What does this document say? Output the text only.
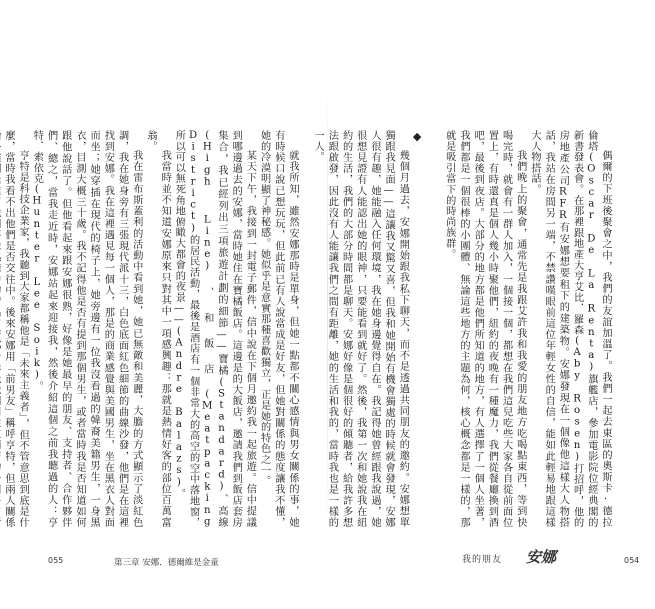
就我所知，雖然安娜那時是單身，但她一點都不關心感情與男女關係的事，她有時候口說已想玩玩，但此前已有人說當成是好友，但她對關係的態度讓我不懂，她的冷漠明顯了神秘感。她似乎是意實那種喜歡獨立，正是她的特色之一。

某天下午，我接到一封電子郵件，信中說在下個月邀約我一起旅遊。信中提議到哪邊過去的安娜，當時她住在寶橘飯店。這邊是的大飯店，邀請我們到飯店套房集合，我已經列出三項旅遊計劃的細節——寶橘(Standard)、高線(High Line)、和飯店(Meatpacking District)的居民活動，最後是酒店有一個非常大的高空的空中落地窗，所以可以無死角地俯瞰大都會的夜景——(Andre Balazs)。

我當時並不知道安娜原來只對其中一項感興趣：那就是熱情好客的部位百萬富翁。

我在雷布斯蓋利的活動中看到她，她已無敵和美麗，大膽的方式顯示了淡紅色調，我在她身旁有三張現代派十三，白色底面紅色細節的曲線沙發，他們是在這裡找到安娜。我在這裡遇見每一個人，那是的商業感覺與美國男生，坐在黑衣人對面而坐；她穿插在現代的椅子上，她旁邊有一位我沒看過的韓裔美籍男生，一身黑衣，目測大概三十歲。我不記得他是否有提到那個男生，或者當時我是否知道如何跟他說話了。但他看起來跟安娜很熟，好像是她最早的朋友、支持者、合作夥伴們、總之，當我走近時，安娜站起來迎接我，然後介紹這個之前我聽過的人：亨特．索依克(Hunter Lee Soik)。

亨特是科技企業家，我聽到大家都稱他是「未來主義者」，但不管意思到底是什麼，當時我看不出他們是否交往中。後來安娜用「前男友」稱呼亨特，但兩人關係

055	第三章 安娜．德爾維是金童

偶爾的下班後聚會之中，我們的友誼加溫了。我們一起去東區的奧斯卡·德拉倫塔(Oscar De La Renta)旗艦店，參加電影院位經典閣的新書發表會。在那裡跟地產大亨艾比．羅森(Aby Rosen)打招呼，他的房地產公司RFR有安娜想要租下的建築物。安娜發現在一個像他這樣大人物搭話，我站在房間另一端，不禁讚嘆眼前這位年輕女性的自信，能如此輕易地跟這樣大人物搭話。

我們晚上的聚會，通常先是我跟艾許我和我愛的朋友地方吃喝點東西，等到快喝完時，就會有一群人加入，一個接一個，都想在我們這兒吃些大家各自從前面位置上，有時還真是個人幾小時聚他們，紐約的夜晚有一種魔力，我們從餐廳換到酒吧，最後到夜店。大部分的地方都是他們所知道的地方，有人選擇了一個人坐著，我們都是一個很棒的小團體、無論這些地方的主題為何，核心概念都是一樣的，那就是吸引當下的時尚族群。

◆

幾個月過去，安娜開始跟我私下聊天，而不是透過共同朋友的邀約。安娜想單獨跟我見面——這讓我又驚又喜，但我和她開始有機會獨處的時候就會發現，安娜人很有趣，她能融入任何環境，我在她身邊覺得自在。我記得她曾經跟我說過，她很想見證有人能認出她的眼神，只要能看到就好了。然後，我第一次和她說我在紐約的生活，我們的大部分時間都是聊天。安娜好像是個很好的傾聽者，給我許多想法跟啟發，因此沒有人能讓我們之間有距離，她的生活和我的，當時我也是一樣的一人。

我的朋友 安娜	054
